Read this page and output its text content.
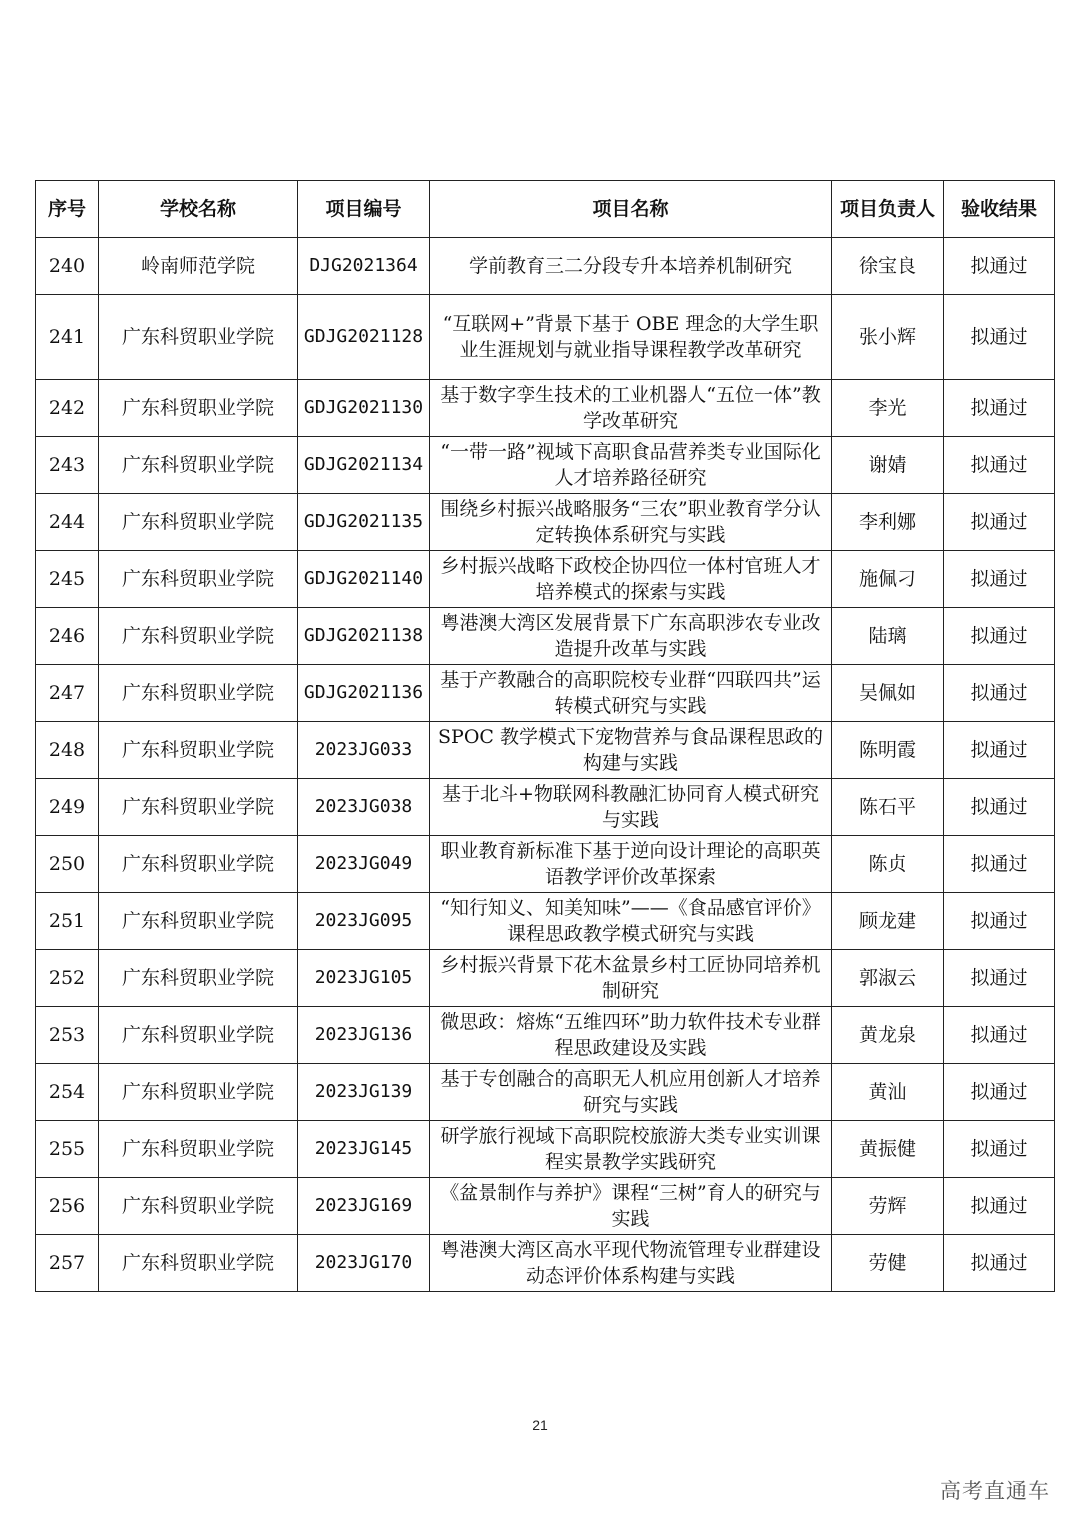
序号	学校名称	项目编号	项目名称	项目负责人	验收结果
240	岭南师范学院	DJG2021364	学前教育三二分段专升本培养机制研究	徐宝良	拟通过
241	广东科贸职业学院	GDJG2021128	“互联网+”背景下基于 OBE 理念的大学生职业生涯规划与就业指导课程教学改革研究	张小辉	拟通过
242	广东科贸职业学院	GDJG2021130	基于数字孪生技术的工业机器人“五位一体”教学改革研究	李光	拟通过
243	广东科贸职业学院	GDJG2021134	“一带一路”视域下高职食品营养类专业国际化人才培养路径研究	谢婧	拟通过
244	广东科贸职业学院	GDJG2021135	围绕乡村振兴战略服务“三农”职业教育学分认定转换体系研究与实践	李利娜	拟通过
245	广东科贸职业学院	GDJG2021140	乡村振兴战略下政校企协四位一体村官班人才培养模式的探索与实践	施佩刁	拟通过
246	广东科贸职业学院	GDJG2021138	粤港澳大湾区发展背景下广东高职涉农专业改造提升改革与实践	陆璃	拟通过
247	广东科贸职业学院	GDJG2021136	基于产教融合的高职院校专业群“四联四共”运转模式研究与实践	吴佩如	拟通过
248	广东科贸职业学院	2023JG033	SPOC 教学模式下宠物营养与食品课程思政的构建与实践	陈明霞	拟通过
249	广东科贸职业学院	2023JG038	基于北斗+物联网科教融汇协同育人模式研究与实践	陈石平	拟通过
250	广东科贸职业学院	2023JG049	职业教育新标准下基于逆向设计理论的高职英语教学评价改革探索	陈贞	拟通过
251	广东科贸职业学院	2023JG095	“知行知义、知美知味”——《食品感官评价》课程思政教学模式研究与实践	顾龙建	拟通过
252	广东科贸职业学院	2023JG105	乡村振兴背景下花木盆景乡村工匠协同培养机制研究	郭淑云	拟通过
253	广东科贸职业学院	2023JG136	微思政：熔炼“五维四环”助力软件技术专业群程思政建设及实践	黄龙泉	拟通过
254	广东科贸职业学院	2023JG139	基于专创融合的高职无人机应用创新人才培养研究与实践	黄汕	拟通过
255	广东科贸职业学院	2023JG145	研学旅行视域下高职院校旅游大类专业实训课程实景教学实践研究	黄振健	拟通过
256	广东科贸职业学院	2023JG169	《盆景制作与养护》课程“三树”育人的研究与实践	劳辉	拟通过
257	广东科贸职业学院	2023JG170	粤港澳大湾区高水平现代物流管理专业群建设动态评价体系构建与实践	劳健	拟通过
21
高考直通车
